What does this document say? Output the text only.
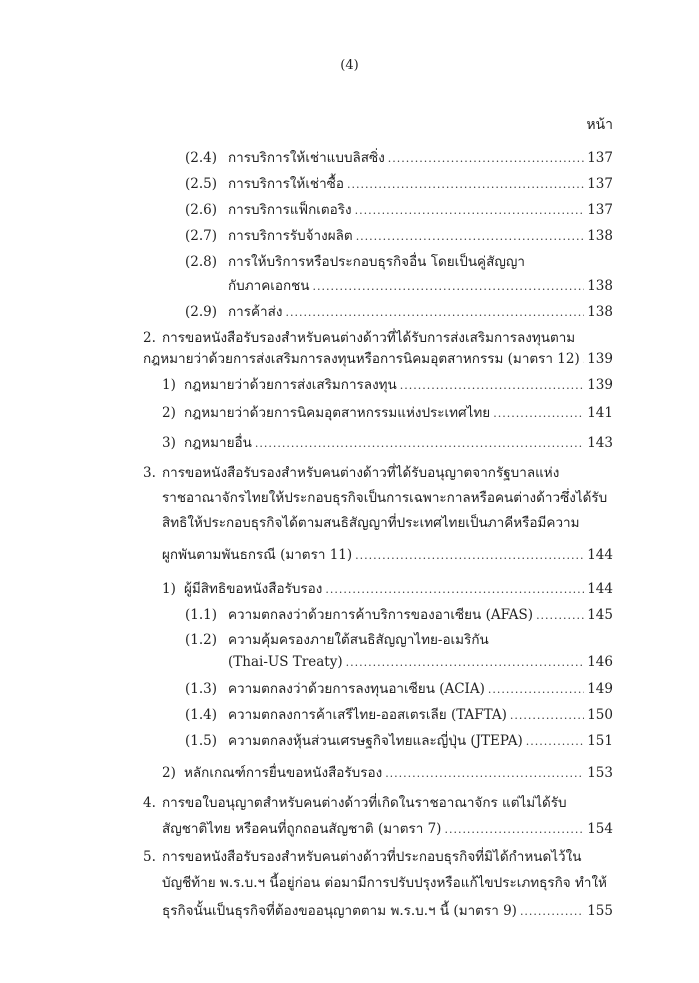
(4)
หน้า
(2.4) การบริการให้เช่าแบบลิสซิ่ง .....	137
(2.5) การบริการให้เช่าซื้อ .....	137
(2.6) การบริการแฟ็กเตอริง .....	137
(2.7) การบริการรับจ้างผลิต .....	138
(2.8) การให้บริการหรือประกอบธุรกิจอื่น โดยเป็นคู่สัญญา
กับภาคเอกชน .....	138
(2.9) การค้าส่ง .....	138
2. การขอหนังสือรับรองสำหรับคนต่างด้าวที่ได้รับการส่งเสริมการลงทุนตาม
กฎหมายว่าด้วยการส่งเสริมการลงทุนหรือการนิคมอุตสาหกรรม (มาตรา 12) ..... 139
1) กฎหมายว่าด้วยการส่งเสริมการลงทุน .....	139
2) กฎหมายว่าด้วยการนิคมอุตสาหกรรมแห่งประเทศไทย .....	141
3) กฎหมายอื่น .....	143
3. การขอหนังสือรับรองสำหรับคนต่างด้าวที่ได้รับอนุญาตจากรัฐบาลแห่ง
ราชอาณาจักรไทยให้ประกอบธุรกิจเป็นการเฉพาะกาลหรือคนต่างด้าวซึ่งได้รับ
สิทธิให้ประกอบธุรกิจได้ตามสนธิสัญญาที่ประเทศไทยเป็นภาคีหรือมีความ
ผูกพันตามพันธกรณี (มาตรา 11) .....	144
1) ผู้มีสิทธิขอหนังสือรับรอง .....	144
(1.1) ความตกลงว่าด้วยการค้าบริการของอาเซียน (AFAS) .....	145
(1.2) ความคุ้มครองภายใต้สนธิสัญญาไทย-อเมริกัน
(Thai-US Treaty) .....	146
(1.3) ความตกลงว่าด้วยการลงทุนอาเซียน (ACIA) .....	149
(1.4) ความตกลงการค้าเสรีไทย-ออสเตรเลีย (TAFTA) .....	150
(1.5) ความตกลงหุ้นส่วนเศรษฐกิจไทยและญี่ปุ่น (JTEPA) .....	151
2) หลักเกณฑ์การยื่นขอหนังสือรับรอง .....	153
4. การขอใบอนุญาตสำหรับคนต่างด้าวที่เกิดในราชอาณาจักร แต่ไม่ได้รับ
สัญชาติไทย หรือคนที่ถูกถอนสัญชาติ (มาตรา 7) .....	154
5. การขอหนังสือรับรองสำหรับคนต่างด้าวที่ประกอบธุรกิจที่มิได้กำหนดไว้ใน
บัญชีท้าย พ.ร.บ.ฯ นี้อยู่ก่อน ต่อมามีการปรับปรุงหรือแก้ไขประเภทธุรกิจ ทำให้
ธุรกิจนั้นเป็นธุรกิจที่ต้องขออนุญาตตาม พ.ร.บ.ฯ นี้ (มาตรา 9) .....	155
